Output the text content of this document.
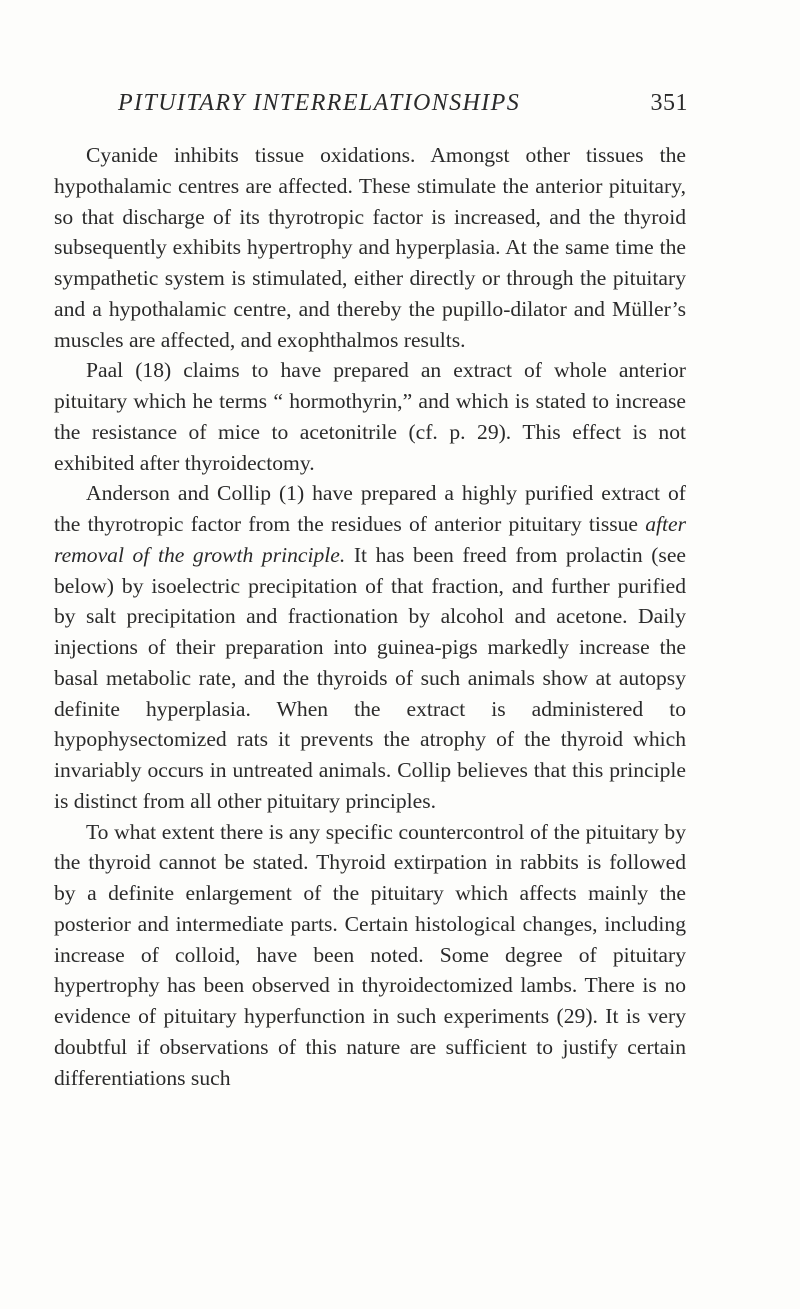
PITUITARY INTERRELATIONSHIPS	351

Cyanide inhibits tissue oxidations. Amongst other tissues the hypothalamic centres are affected. These stimulate the anterior pituitary, so that discharge of its thyrotropic factor is increased, and the thyroid subsequently exhibits hypertrophy and hyperplasia. At the same time the sympathetic system is stimulated, either directly or through the pituitary and a hypothalamic centre, and thereby the pupillo-dilator and Müller’s muscles are affected, and exophthalmos results.

Paal (18) claims to have prepared an extract of whole anterior pituitary which he terms “ hormothyrin,” and which is stated to increase the resistance of mice to acetonitrile (cf. p. 29). This effect is not exhibited after thyroidectomy.

Anderson and Collip (1) have prepared a highly purified extract of the thyrotropic factor from the residues of anterior pituitary tissue after removal of the growth principle. It has been freed from prolactin (see below) by isoelectric precipitation of that fraction, and further purified by salt precipitation and fractionation by alcohol and acetone. Daily injections of their preparation into guinea-pigs markedly increase the basal metabolic rate, and the thyroids of such animals show at autopsy definite hyperplasia. When the extract is administered to hypophysectomized rats it prevents the atrophy of the thyroid which invariably occurs in untreated animals. Collip believes that this principle is distinct from all other pituitary principles.

To what extent there is any specific countercontrol of the pituitary by the thyroid cannot be stated. Thyroid extirpation in rabbits is followed by a definite enlargement of the pituitary which affects mainly the posterior and intermediate parts. Certain histological changes, including increase of colloid, have been noted. Some degree of pituitary hypertrophy has been observed in thyroidectomized lambs. There is no evidence of pituitary hyperfunction in such experiments (29). It is very doubtful if observations of this nature are sufficient to justify certain differentiations such
